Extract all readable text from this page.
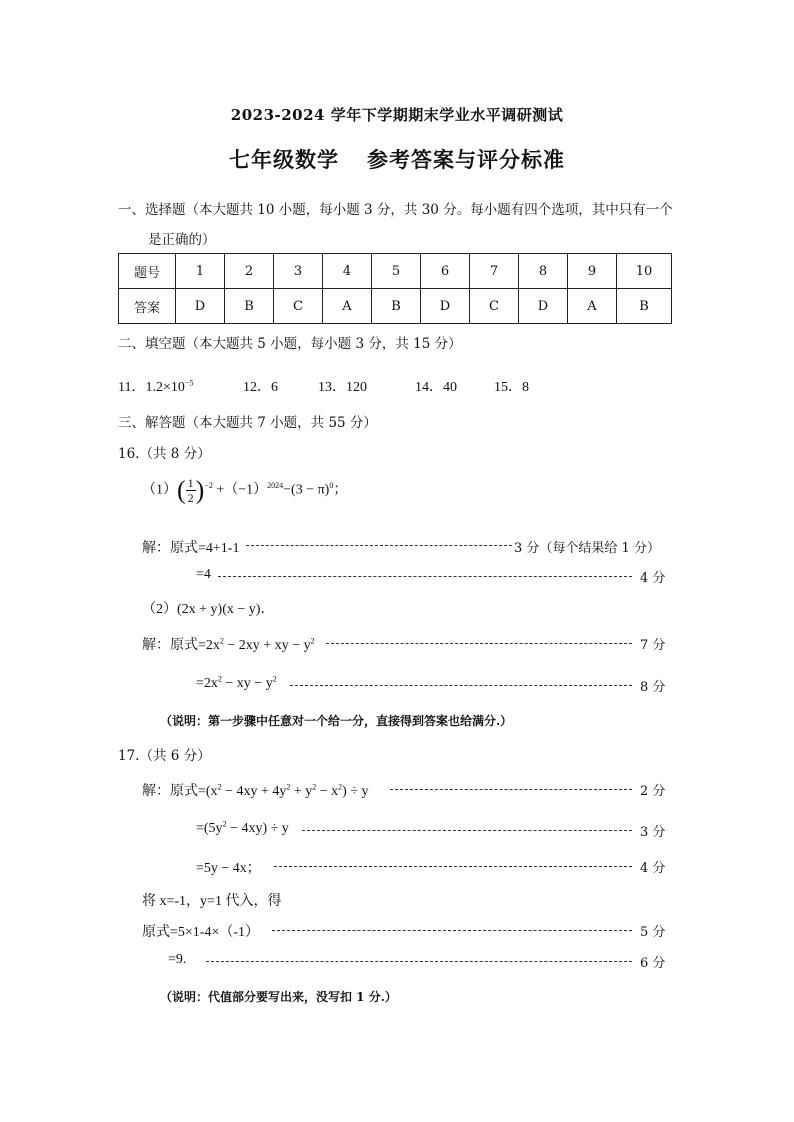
2023-2024 学年下学期期末学业水平调研测试
七年级数学 参考答案与评分标准
一、选择题（本大题共 10 小题，每小题 3 分，共 30 分。每小题有四个选项，其中只有一个
是正确的）
题号	1	2	3	4	5	6	7	8	9	10
答案	D	B	C	A	B	D	C	D	A	B
二、填空题（本大题共 5 小题，每小题 3 分，共 15 分）
11．$1.2\times 10^{-5}$	12．6	13．120	14．40	15．8
三、解答题（本大题共 7 小题，共 55 分）
16.（共 8 分）
$(1)( \frac{1}{2} )^{-2} +(-1)^{2024}-(3 - \pi)^0$；
解：原式=4+1-1	3 分（每个结果给 1 分）
=4	4 分
（2）(2x + y)(x − y)．
解：原式$=2x^2 - 2xy$ + xy − $y^2$	7 分
$=2x^2$ − xy − $y^2$
8 分
（说明：第一步骤中任意对一个给一分，直接得到答案也给满分.）
17.（共 6 分）
解：原式$=(x^2 - 4xy + 4y^2 + y^2 - x^2) \div y$	2 分
$=(5y^2 - 4xy) \div y$	3 分
=5y − 4x；	4 分
将 x=-1，y=1 代入，得
原式=5×1-4×（-1）	5 分
=9.	6 分
（说明：代值部分要写出来，没写扣 1 分.）
